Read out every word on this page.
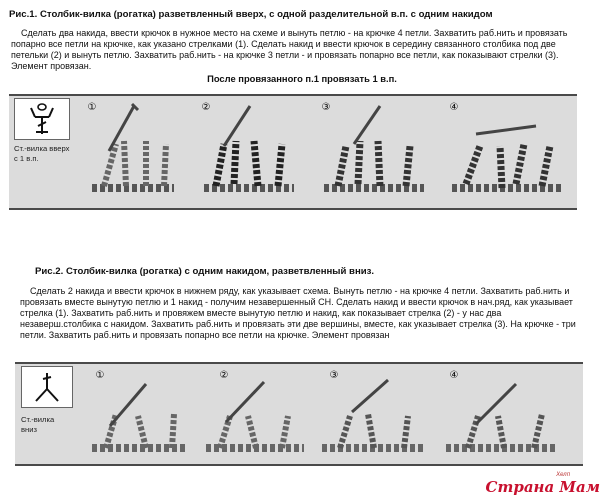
Рис.1. Столбик-вилка (рогатка) разветвленный вверх, с одной разделительной в.п. с одним накидом
Сделать два накида, ввести крючок в нужное место на схеме и вынуть петлю - на крючке 4 петли. Захватить раб.нить и провязать попарно все петли на крючке, как указано стрелками (1). Сделать накид и ввести крючок в середину связанного столбика под две петельки (2) и вынуть петлю. Захватить раб.нить - на крючке 3 петли - и провязать попарно все петли, как показывают стрелки (3). Элемент провязан.
После провязанного п.1 провязать 1 в.п.
Ст.-вилка вверх с 1 в.п.
①	②	③	④
Рис.2. Столбик-вилка (рогатка) с одним накидом, разветвленный вниз.
Сделать 2 накида и ввести крючок в нижнем ряду, как указывает схема. Вынуть петлю - на крючке 4 петли. Захватить раб.нить и провязать вместе вынутую петлю и 1 накид - получим незавершенный СН. Сделать накид и ввести крючок в нач.ряд, как указывает стрелка (1). Захватить раб.нить и провяжем вместе вынутую петлю и накид, как показывает стрелка (2) - у нас два незаверш.столбика с накидом. Захватить раб.нить и провязать эти две вершины, вместе, как указывает стрелка (3). На крючке - три петли. Захватить раб.нить и провязать попарно все петли на крючке. Элемент провязан
Ст.-вилка вниз
①	②	③	④
Хелп
Страна Мам
